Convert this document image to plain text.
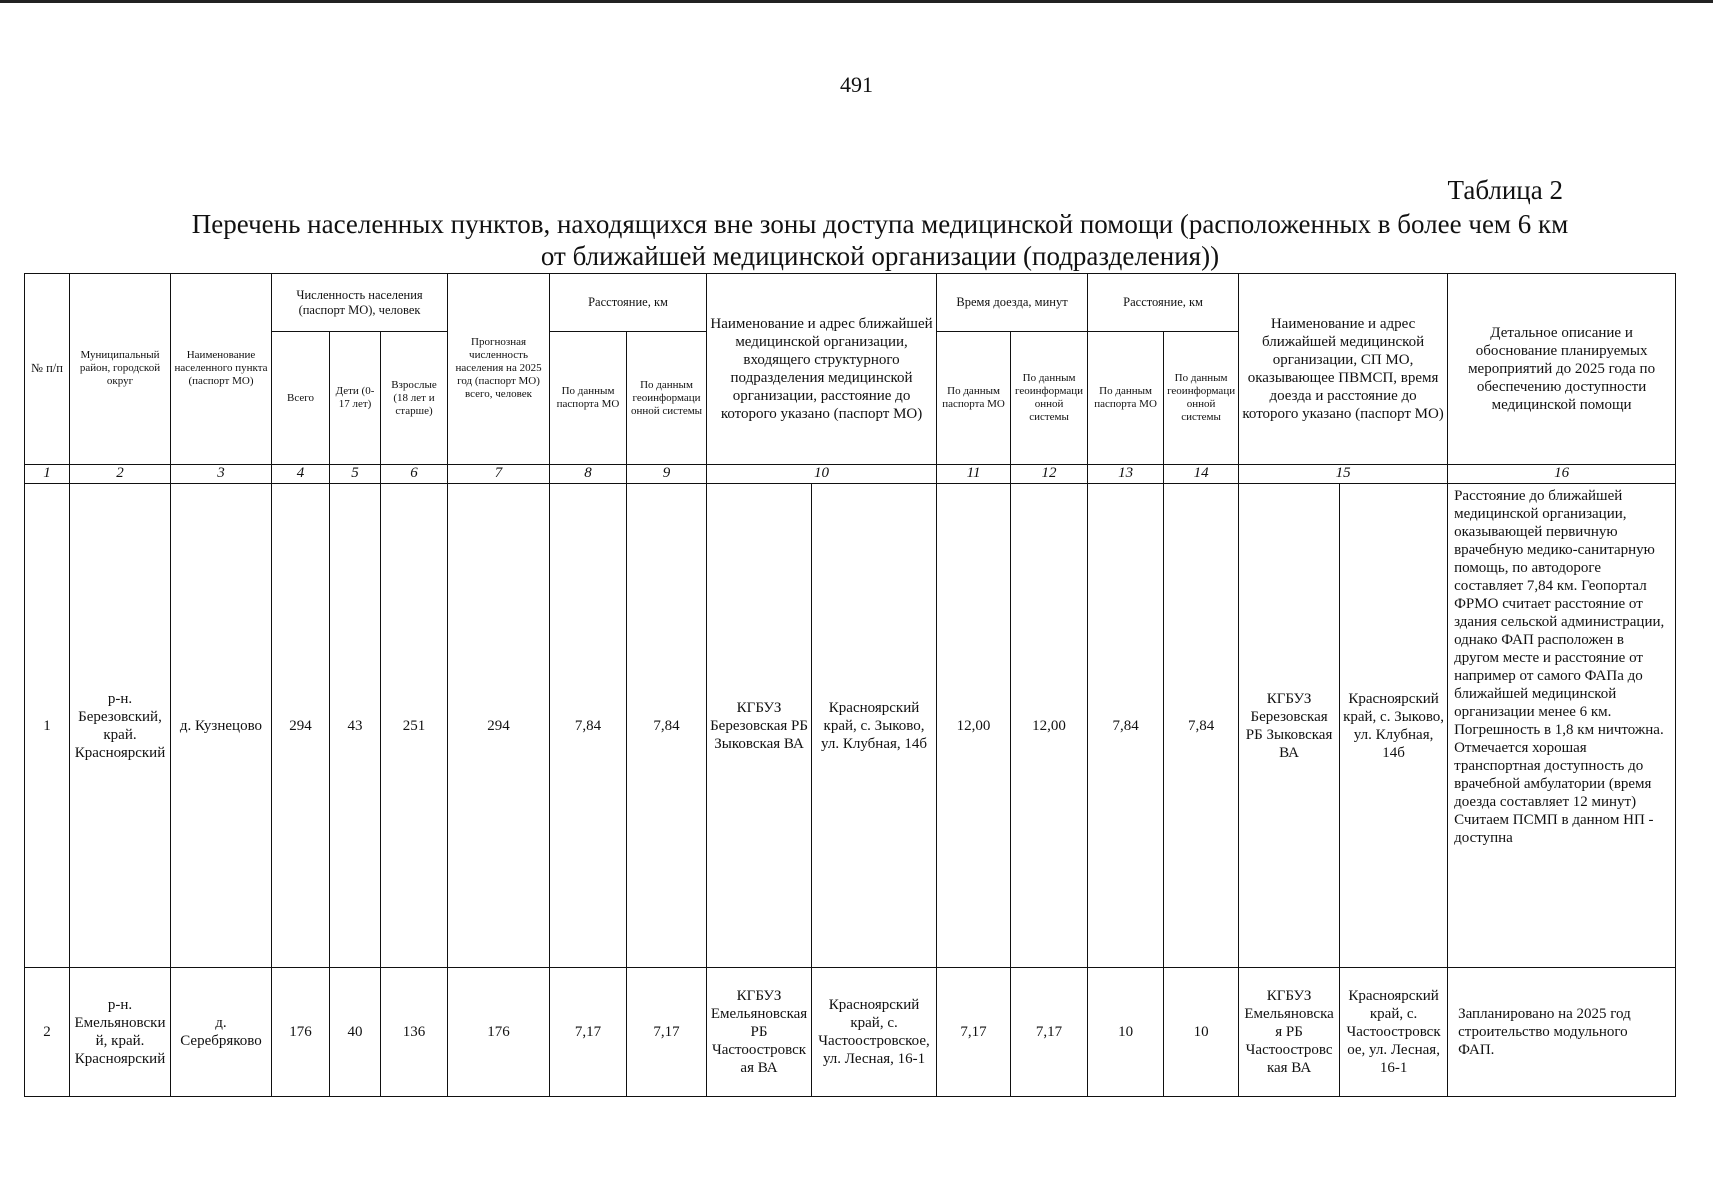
491
Таблица 2
Перечень населенных пунктов, находящихся вне зоны доступа медицинской помощи (расположенных в более чем 6 км от ближайшей медицинской организации (подразделения))
№ п/п	Муниципальный район, городской округ	Наименование населенного пункта (паспорт МО)	Численность населения (паспорт МО), человек			Прогнозная численность населения на 2025 год (паспорт МО) всего, человек	Расстояние, км		Наименование и адрес ближайшей медицинской организации, входящего структурного подразделения медицинской организации, расстояние до которого указано (паспорт МО)		Время доезда, минут		Расстояние, км		Наименование и адрес ближайшей медицинской организации, СП МО, оказывающее ПВМСП, время доезда и расстояние до которого указано (паспорт МО)		Детальное описание и обоснование планируемых мероприятий до 2025 года по обеспечению доступности медицинской помощи
			Всего	Дети (0-17 лет)	Взрослые (18 лет и старше)		По данным паспорта МО	По данным геоинформационной системы			По данным паспорта МО	По данным геоинформационной системы	По данным паспорта МО	По данным геоинформационной системы			
1	2	3	4	5	6	7	8	9	10		11	12	13	14	15		16
1	р-н. Березовский, край. Красноярский	д. Кузнецово	294	43	251	294	7,84	7,84	КГБУЗ Березовская РБ Зыковская ВА	Красноярский край, с. Зыково, ул. Клубная, 14б	12,00	12,00	7,84	7,84	КГБУЗ Березовская РБ Зыковская ВА	Красноярский край, с. Зыково, ул. Клубная, 14б	Расстояние до ближайшей медицинской организации, оказывающей первичную врачебную медико-санитарную помощь, по автодороге составляет 7,84 км. Геопортал ФРМО считает расстояние от здания сельской администрации, однако ФАП расположен в другом месте и расстояние от например от самого ФАПа до ближайшей медицинской организации менее 6 км. Погрешность в 1,8 км ничтожна. Отмечается хорошая транспортная доступность до врачебной амбулатории (время доезда составляет 12 минут) Считаем ПСМП в данном НП - доступна
2	р-н. Емельяновский, край. Красноярский	д. Серебряково	176	40	136	176	7,17	7,17	КГБУЗ Емельяновская РБ Частоостровская ВА	Красноярский край, с. Частоостровское, ул. Лесная, 16-1	7,17	7,17	10	10	КГБУЗ Емельяновская РБ Частоостровская ВА	Красноярский край, с. Частоостровское, ул. Лесная, 16-1	Запланировано на 2025 год строительство модульного ФАП.
